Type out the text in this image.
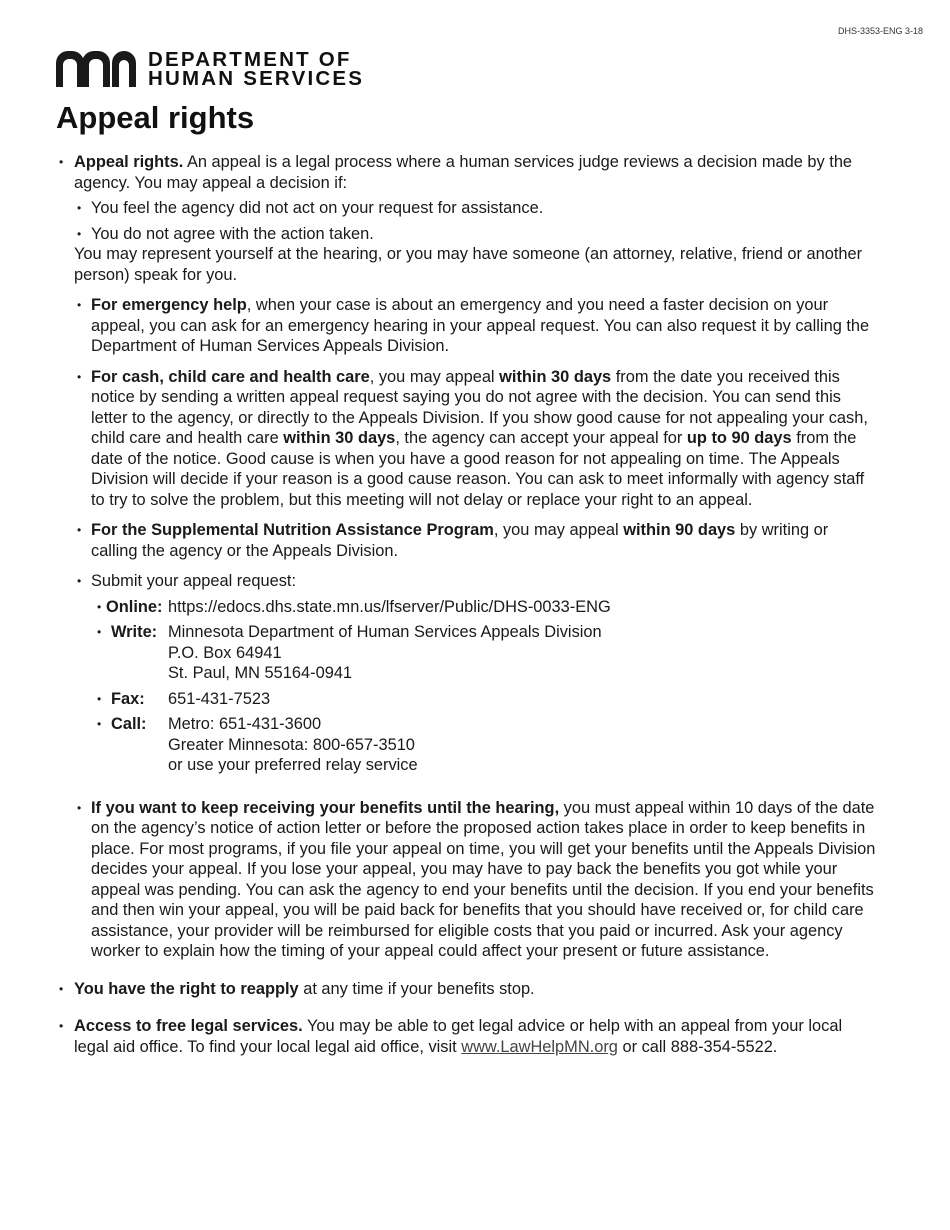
DHS-3353-ENG 3-18
DEPARTMENT OF
HUMAN SERVICES
Appeal rights
• Appeal rights. An appeal is a legal process where a human services judge reviews a decision made by the agency. You may appeal a decision if:

• You feel the agency did not act on your request for assistance.
• You do not agree with the action taken.

You may represent yourself at the hearing, or you may have someone (an attorney, relative, friend or another person) speak for you.

• For emergency help, when your case is about an emergency and you need a faster decision on your appeal, you can ask for an emergency hearing in your appeal request. You can also request it by calling the Department of Human Services Appeals Division.

• For cash, child care and health care, you may appeal within 30 days from the date you received this notice by sending a written appeal request saying you do not agree with the decision. You can send this letter to the agency, or directly to the Appeals Division. If you show good cause for not appealing your cash, child care and health care within 30 days, the agency can accept your appeal for up to 90 days from the date of the notice. Good cause is when you have a good reason for not appealing on time. The Appeals Division will decide if your reason is a good cause reason. You can ask to meet informally with agency staff to try to solve the problem, but this meeting will not delay or replace your right to an appeal.

• For the Supplemental Nutrition Assistance Program, you may appeal within 90 days by writing or calling the agency or the Appeals Division.

• Submit your appeal request:

• Online: https://edocs.dhs.state.mn.us/lfserver/Public/DHS-0033-ENG
• Write: Minnesota Department of Human Services Appeals Division
P.O. Box 64941
St. Paul, MN 55164-0941
• Fax:	651-431-7523
• Call:	Metro: 651-431-3600
Greater Minnesota: 800-657-3510
or use your preferred relay service
• If you want to keep receiving your benefits until the hearing, you must appeal within 10 days of the date on the agency’s notice of action letter or before the proposed action takes place in order to keep benefits in place. For most programs, if you file your appeal on time, you will get your benefits until the Appeals Division decides your appeal. If you lose your appeal, you may have to pay back the benefits you got while your appeal was pending. You can ask the agency to end your benefits until the decision. If you end your benefits and then win your appeal, you will be paid back for benefits that you should have received or, for child care assistance, your provider will be reimbursed for eligible costs that you paid or incurred. Ask your agency worker to explain how the timing of your appeal could affect your present or future assistance.

• You have the right to reapply at any time if your benefits stop.

• Access to free legal services. You may be able to get legal advice or help with an appeal from your local legal aid office. To find your local legal aid office, visit www.LawHelpMN.org or call 888-354-5522.
